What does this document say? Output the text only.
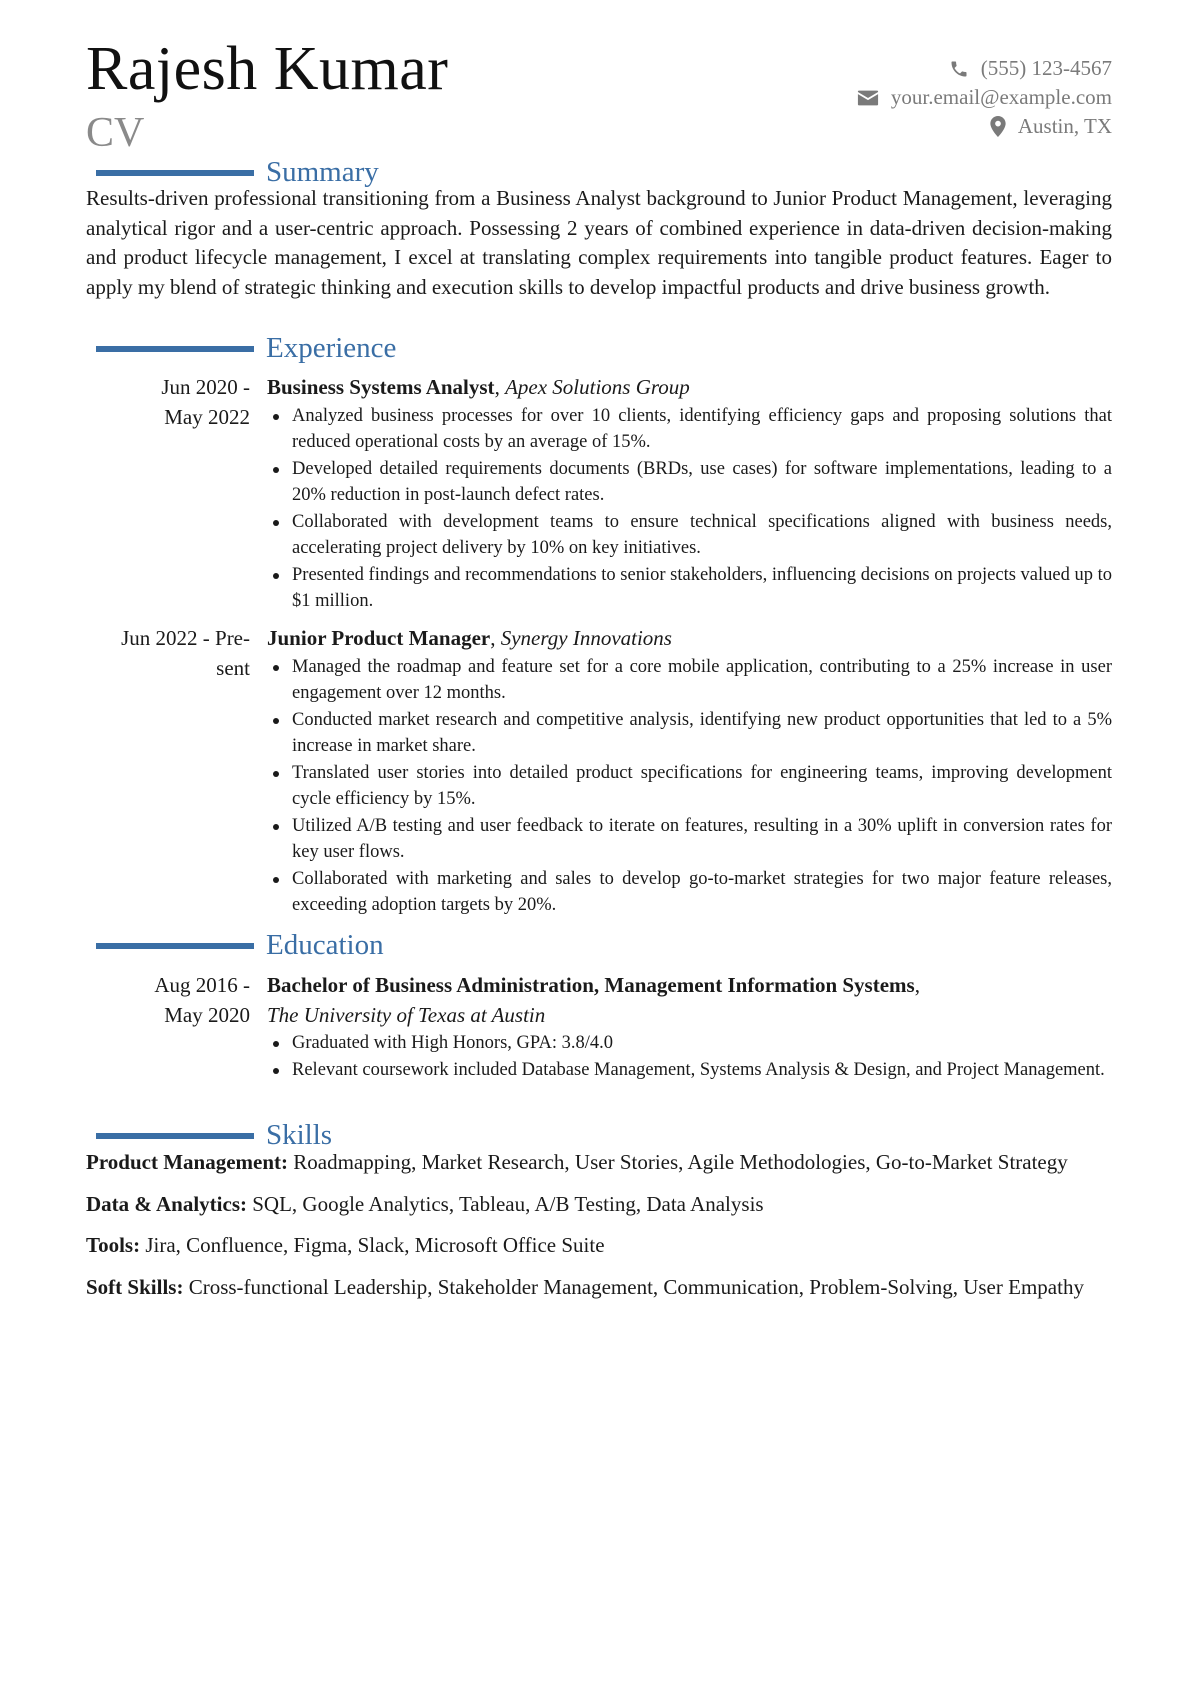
Rajesh Kumar
CV
(555) 123-4567
your.email@example.com
Austin, TX
Summary
Results-driven professional transitioning from a Business Analyst background to Junior Product Management, leveraging analytical rigor and a user-centric approach. Possessing 2 years of combined experience in data-driven decision-making and product lifecycle management, I excel at translating complex requirements into tangible product features. Eager to apply my blend of strategic thinking and execution skills to develop impactful products and drive business growth.
Experience
Jun 2020 -
May 2022

Business Systems Analyst, Apex Solutions Group

Analyzed business processes for over 10 clients, identifying efficiency gaps and proposing solutions that reduced operational costs by an average of 15%.
Developed detailed requirements documents (BRDs, use cases) for software implementations, leading to a 20% reduction in post-launch defect rates.
Collaborated with development teams to ensure technical specifications aligned with business needs, accelerating project delivery by 10% on key initiatives.
Presented findings and recommendations to senior stakeholders, influencing decisions on projects valued up to $1 million.
Jun 2022 - Pre-
sent

Junior Product Manager, Synergy Innovations

Managed the roadmap and feature set for a core mobile application, contributing to a 25% increase in user engagement over 12 months.
Conducted market research and competitive analysis, identifying new product opportunities that led to a 5% increase in market share.
Translated user stories into detailed product specifications for engineering teams, improving development cycle efficiency by 15%.
Utilized A/B testing and user feedback to iterate on features, resulting in a 30% uplift in conversion rates for key user flows.
Collaborated with marketing and sales to develop go-to-market strategies for two major feature releases, exceeding adoption targets by 20%.
Education
Aug 2016 -
May 2020

Bachelor of Business Administration, Management Information Systems,
The University of Texas at Austin

Graduated with High Honors, GPA: 3.8/4.0
Relevant coursework included Database Management, Systems Analysis & Design, and Project Management.
Skills

Product Management: Roadmapping, Market Research, User Stories, Agile Methodologies, Go-to-Market Strategy

Data & Analytics: SQL, Google Analytics, Tableau, A/B Testing, Data Analysis

Tools: Jira, Confluence, Figma, Slack, Microsoft Office Suite

Soft Skills: Cross-functional Leadership, Stakeholder Management, Communication, Problem-Solving, User Empathy
